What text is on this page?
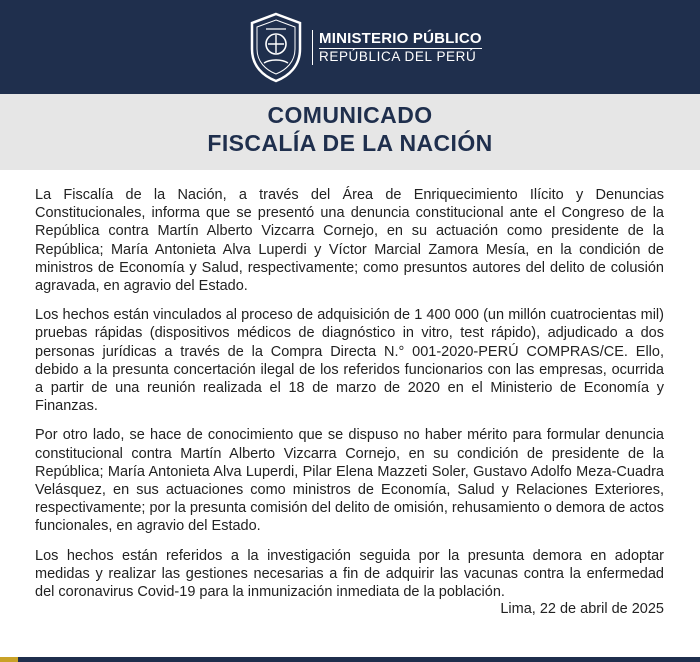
MINISTERIO PÚBLICO
REPÚBLICA DEL PERÚ
COMUNICADO
FISCALÍA DE LA NACIÓN

La Fiscalía de la Nación, a través del Área de Enriquecimiento Ilícito y Denuncias Constitucionales, informa que se presentó una denuncia constitucional ante el Congreso de la República contra Martín Alberto Vizcarra Cornejo, en su actuación como presidente de la República; María Antonieta Alva Luperdi y Víctor Marcial Zamora Mesía, en la condición de ministros de Economía y Salud, respectivamente; como presuntos autores del delito de colusión agravada, en agravio del Estado.

Los hechos están vinculados al proceso de adquisición de 1 400 000 (un millón cuatrocientas mil) pruebas rápidas (dispositivos médicos de diagnóstico in vitro, test rápido), adjudicado a dos personas jurídicas a través de la Compra Directa N.° 001-2020-PERÚ COMPRAS/CE. Ello, debido a la presunta concertación ilegal de los referidos funcionarios con las empresas, ocurrida a partir de una reunión realizada el 18 de marzo de 2020 en el Ministerio de Economía y Finanzas.

Por otro lado, se hace de conocimiento que se dispuso no haber mérito para formular denuncia constitucional contra Martín Alberto Vizcarra Cornejo, en su condición de presidente de la República; María Antonieta Alva Luperdi, Pilar Elena Mazzeti Soler, Gustavo Adolfo Meza-Cuadra Velásquez, en sus actuaciones como ministros de Economía, Salud y Relaciones Exteriores, respectivamente; por la presunta comisión del delito de omisión, rehusamiento o demora de actos funcionales, en agravio del Estado.

Los hechos están referidos a la investigación seguida por la presunta demora en adoptar medidas y realizar las gestiones necesarias a fin de adquirir las vacunas contra la enfermedad del coronavirus Covid-19 para la inmunización inmediata de la población.

Lima, 22 de abril de 2025
